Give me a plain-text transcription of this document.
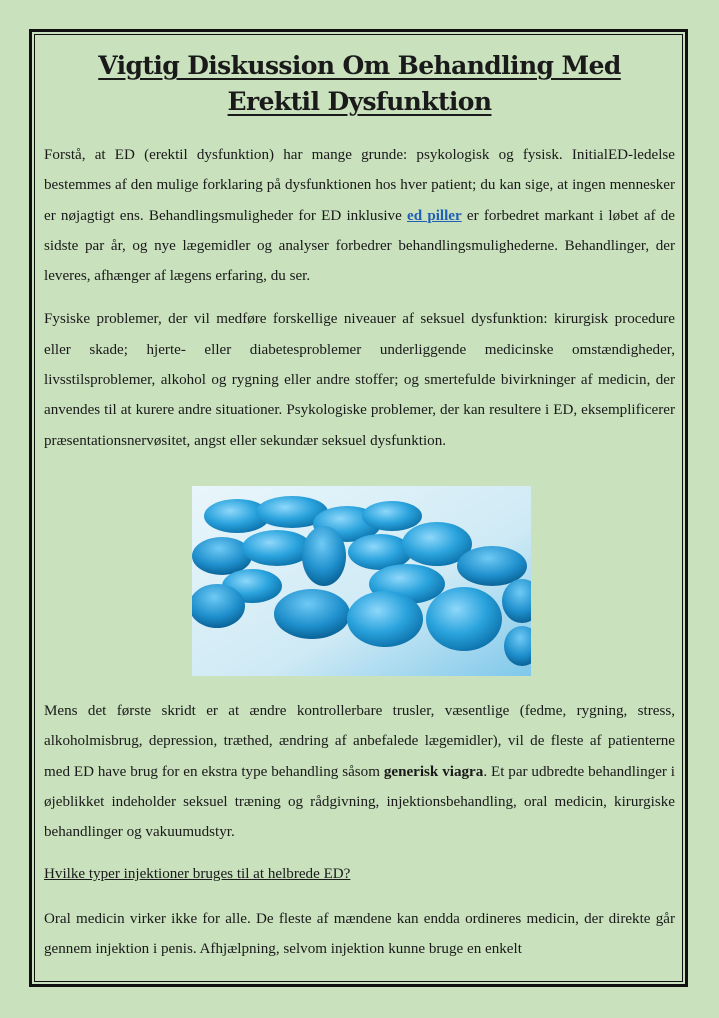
Vigtig Diskussion Om Behandling Med
Erektil Dysfunktion

Forstå, at ED (erektil dysfunktion) har mange grunde: psykologisk og fysisk. InitialED-ledelse bestemmes af den mulige forklaring på dysfunktionen hos hver patient; du kan sige, at ingen mennesker er nøjagtigt ens. Behandlingsmuligheder for ED inklusive ed piller er forbedret markant i løbet af de sidste par år, og nye lægemidler og analyser forbedrer behandlingsmulighederne. Behandlinger, der leveres, afhænger af lægens erfaring, du ser.

Fysiske problemer, der vil medføre forskellige niveauer af seksuel dysfunktion: kirurgisk procedure eller skade; hjerte- eller diabetesproblemer underliggende medicinske omstændigheder, livsstilsproblemer, alkohol og rygning eller andre stoffer; og smertefulde bivirkninger af medicin, der anvendes til at kurere andre situationer. Psykologiske problemer, der kan resultere i ED, eksemplificerer præsentationsnervøsitet, angst eller sekundær seksuel dysfunktion.

Mens det første skridt er at ændre kontrollerbare trusler, væsentlige (fedme, rygning, stress, alkoholmisbrug, depression, træthed, ændring af anbefalede lægemidler), vil de fleste af patienterne med ED have brug for en ekstra type behandling såsom generisk viagra. Et par udbredte behandlinger i øjeblikket indeholder seksuel træning og rådgivning, injektionsbehandling, oral medicin, kirurgiske behandlinger og vakuumudstyr.

Hvilke typer injektioner bruges til at helbrede ED?

Oral medicin virker ikke for alle. De fleste af mændene kan endda ordineres medicin, der direkte går gennem injektion i penis. Afhjælpning, selvom injektion kunne bruge en enkelt
